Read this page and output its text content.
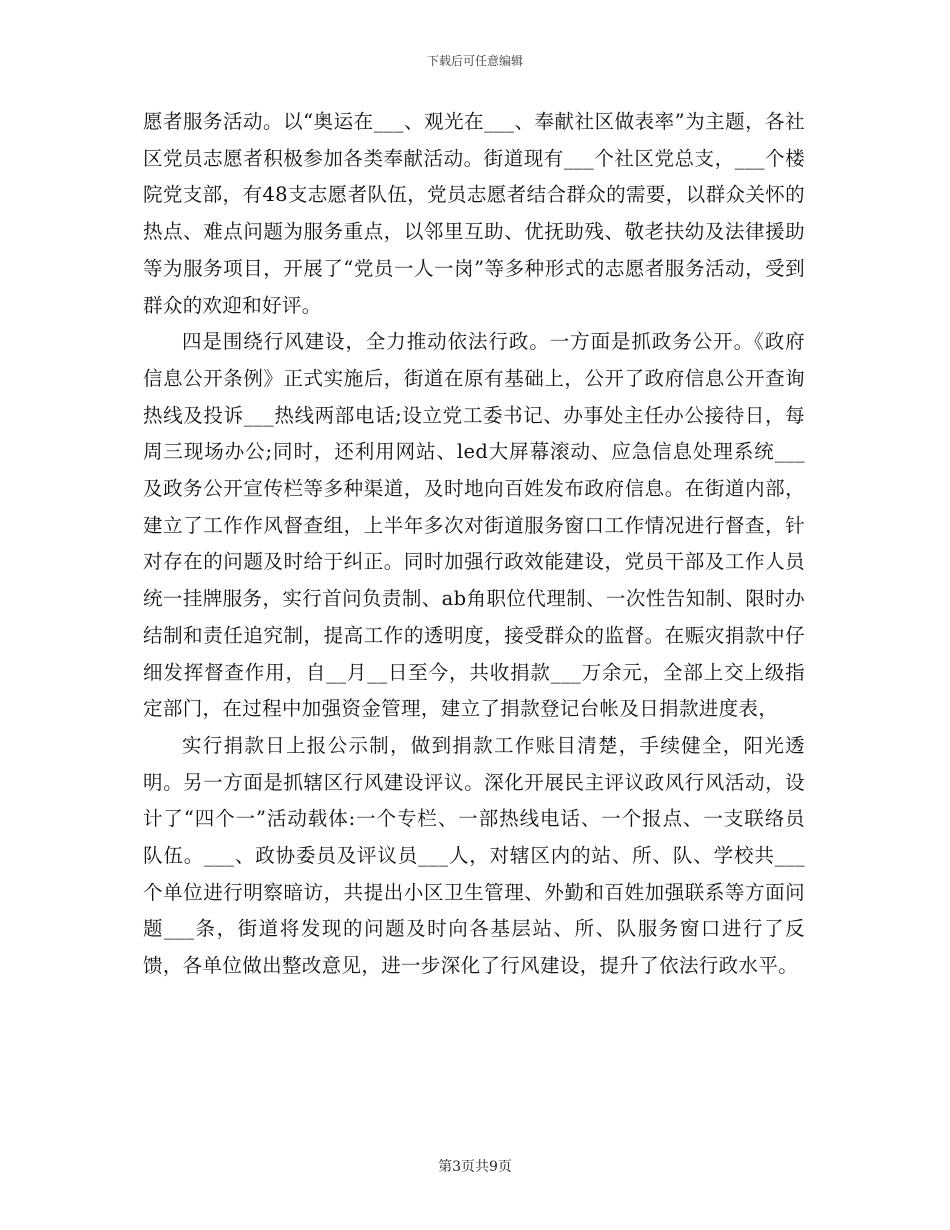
下载后可任意编辑

愿者服务活动。以“奥运在___、观光在___、奉献社区做表率”为主题，各社区党员志愿者积极参加各类奉献活动。街道现有___个社区党总支，___个楼院党支部，有48支志愿者队伍，党员志愿者结合群众的需要，以群众关怀的热点、难点问题为服务重点，以邻里互助、优抚助残、敬老扶幼及法律援助等为服务项目，开展了“党员一人一岗”等多种形式的志愿者服务活动，受到群众的欢迎和好评。

四是围绕行风建设，全力推动依法行政。一方面是抓政务公开。《政府信息公开条例》正式实施后，街道在原有基础上，公开了政府信息公开查询热线及投诉___热线两部电话;设立党工委书记、办事处主任办公接待日，每周三现场办公;同时，还利用网站、led大屏幕滚动、应急信息处理系统___及政务公开宣传栏等多种渠道，及时地向百姓发布政府信息。在街道内部，建立了工作作风督查组，上半年多次对街道服务窗口工作情况进行督查，针对存在的问题及时给于纠正。同时加强行政效能建设，党员干部及工作人员统一挂牌服务，实行首问负责制、ab角职位代理制、一次性告知制、限时办结制和责任追究制，提高工作的透明度，接受群众的监督。在赈灾捐款中仔细发挥督查作用，自__月__日至今，共收捐款___万余元，全部上交上级指定部门，在过程中加强资金管理，建立了捐款登记台帐及日捐款进度表，

实行捐款日上报公示制，做到捐款工作账目清楚，手续健全，阳光透明。另一方面是抓辖区行风建设评议。深化开展民主评议政风行风活动，设计了“四个一”活动载体:一个专栏、一部热线电话、一个报点、一支联络员队伍。___、政协委员及评议员___人，对辖区内的站、所、队、学校共___个单位进行明察暗访，共提出小区卫生管理、外勤和百姓加强联系等方面问题___条，街道将发现的问题及时向各基层站、所、队服务窗口进行了反馈，各单位做出整改意见，进一步深化了行风建设，提升了依法行政水平。

第3页共9页
